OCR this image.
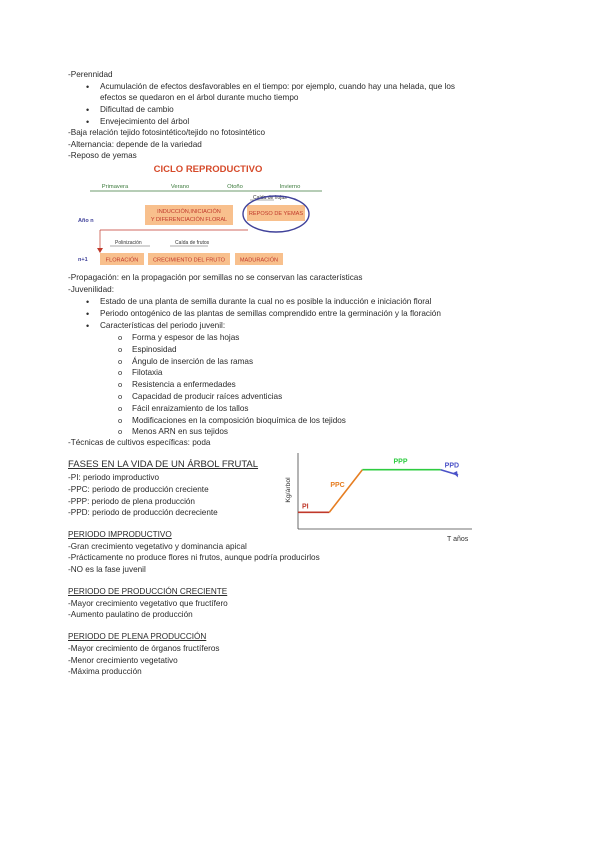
-Perennidad
• Acumulación de efectos desfavorables en el tiempo: por ejemplo, cuando hay una helada, que los
efectos se quedaron en el árbol durante mucho tiempo
• Dificultad de cambio
• Envejecimiento del árbol
-Baja relación tejido fotosintético/tejido no fotosintético
-Alternancia: depende de la variedad
-Reposo de yemas
CICLO REPRODUCTIVO
Primavera	Verano	Otoño	Invierno
Año n
n+1
Caída de hojas
INDUCCIÓN,INICIACIÓN
Y DIFERENCIACIÓN FLORAL
REPOSO DE YEMAS
Polinización	Caída de frutos
FLORACIÓN	CRECIMIENTO DEL FRUTO	MADURACIÓN
-Propagación: en la propagación por semillas no se conservan las características
-Juvenilidad:
• Estado de una planta de semilla durante la cual no es posible la inducción e iniciación floral
• Periodo ontogénico de las plantas de semillas comprendido entre la germinación y la floración
• Características del periodo juvenil:
o Forma y espesor de las hojas
o Espinosidad
o Ángulo de inserción de las ramas
o Filotaxia
o Resistencia a enfermedades
o Capacidad de producir raíces adventicias
o Fácil enraizamiento de los tallos
o Modificaciones en la composición bioquímica de los tejidos
o Menos ARN en sus tejidos
-Técnicas de cultivos específicas: poda
FASES EN LA VIDA DE UN ÁRBOL FRUTAL
-PI: periodo improductivo
-PPC: periodo de producción creciente
-PPP: periodo de plena producción
-PPD: periodo de producción decreciente
Kg/árbol
T años
PI
PPC
PPP
PPD
PERIODO IMPRODUCTIVO
-Gran crecimiento vegetativo y dominancia apical
-Prácticamente no produce flores ni frutos, aunque podría producirlos
-NO es la fase juvenil
PERIODO DE PRODUCCIÓN CRECIENTE
-Mayor crecimiento vegetativo que fructífero
-Aumento paulatino de producción
PERIODO DE PLENA PRODUCCIÓN
-Mayor crecimiento de órganos fructíferos
-Menor crecimiento vegetativo
-Máxima producción
